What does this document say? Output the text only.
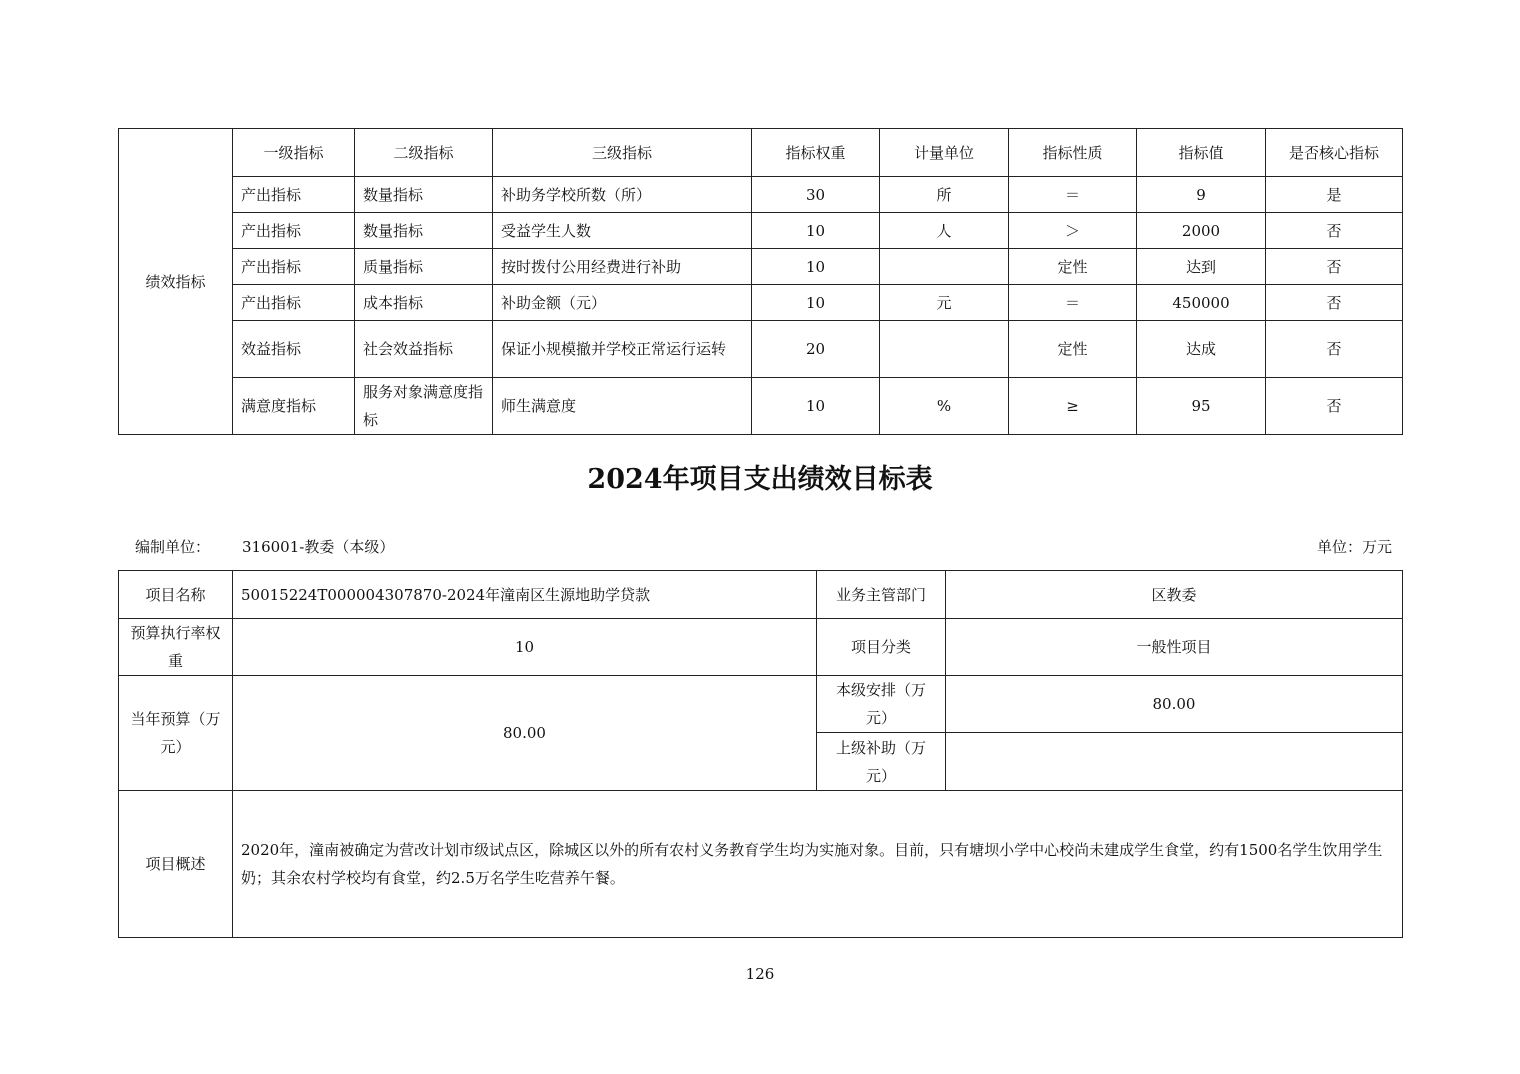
绩效指标	一级指标	二级指标	三级指标	指标权重	计量单位	指标性质	指标值	是否核心指标
	产出指标	数量指标	补助务学校所数（所）	30	所	＝	9	是
	产出指标	数量指标	受益学生人数	10	人	＞	2000	否
	产出指标	质量指标	按时拨付公用经费进行补助	10		定性	达到	否
	产出指标	成本指标	补助金额（元）	10	元	＝	450000	否
	效益指标	社会效益指标	保证小规模撤并学校正常运行运转	20		定性	达成	否
	满意度指标	服务对象满意度指标	师生满意度	10	%	≥	95	否
2024年项目支出绩效目标表
编制单位： 316001-教委（本级）	单位：万元
项目名称	50015224T000004307870-2024年潼南区生源地助学贷款	业务主管部门	区教委
预算执行率权重	10	项目分类	一般性项目
当年预算（万元）	80.00	本级安排（万元）	80.00
		上级补助（万元）	
项目概述	2020年，潼南被确定为营改计划市级试点区，除城区以外的所有农村义务教育学生均为实施对象。目前，只有塘坝小学中心校尚未建成学生食堂，约有1500名学生饮用学生奶；其余农村学校均有食堂，约2.5万名学生吃营养午餐。		
126
